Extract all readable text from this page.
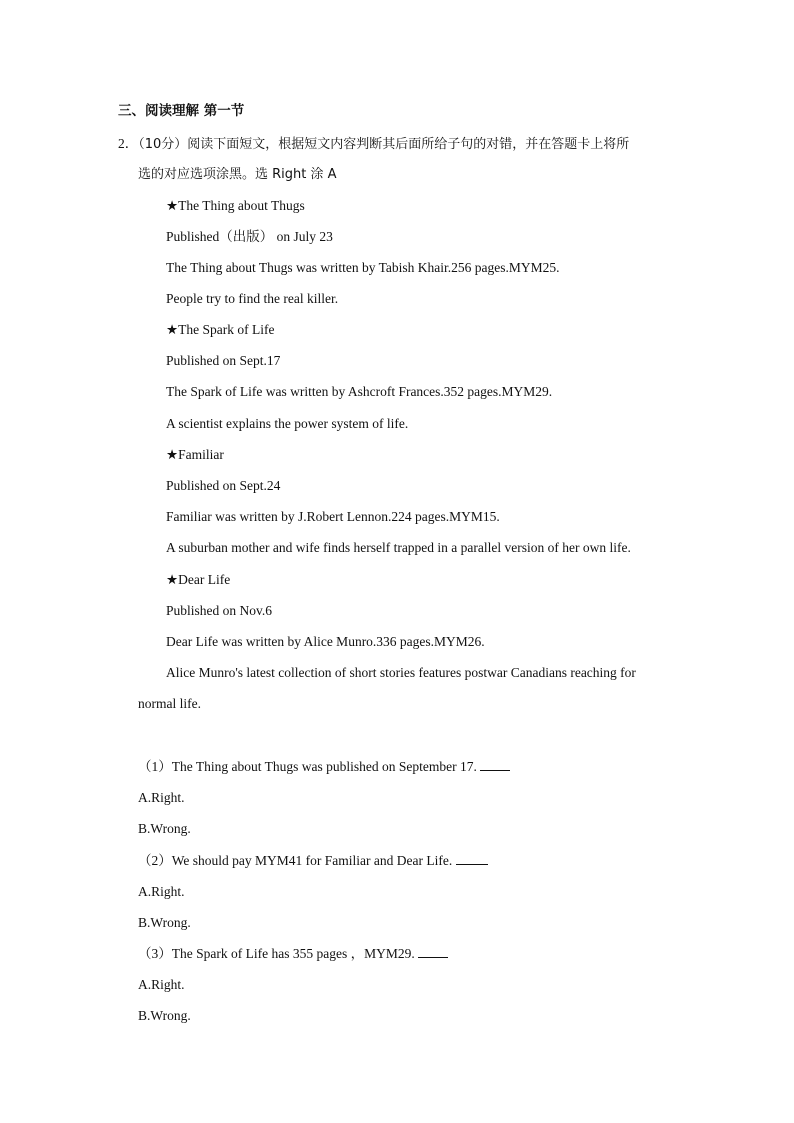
三、阅读理解 第一节
2．（10分）阅读下面短文，根据短文内容判断其后面所给子句的对错，并在答题卡上将所
选的对应选项涂黑。选 Right 涂 A
★The Thing about Thugs
Published（出版） on July 23
The Thing about Thugs was written by Tabish Khair.256 pages.MYM25.
People try to find the real killer.
★The Spark of Life
Published on Sept.17
The Spark of Life was written by Ashcroft Frances.352 pages.MYM29.
A scientist explains the power system of life.
★Familiar
Published on Sept.24
Familiar was written by J.Robert Lennon.224 pages.MYM15.
A suburban mother and wife finds herself trapped in a parallel version of her own life.
★Dear Life
Published on Nov.6
Dear Life was written by Alice Munro.336 pages.MYM26.
Alice Munro's latest collection of short stories features postwar Canadians reaching for
normal life.
（1）The Thing about Thugs was published on September 17.
A.Right.
B.Wrong.
（2）We should pay MYM41 for Familiar and Dear Life.
A.Right.
B.Wrong.
（3）The Spark of Life has 355 pages ，MYM29.
A.Right.
B.Wrong.
